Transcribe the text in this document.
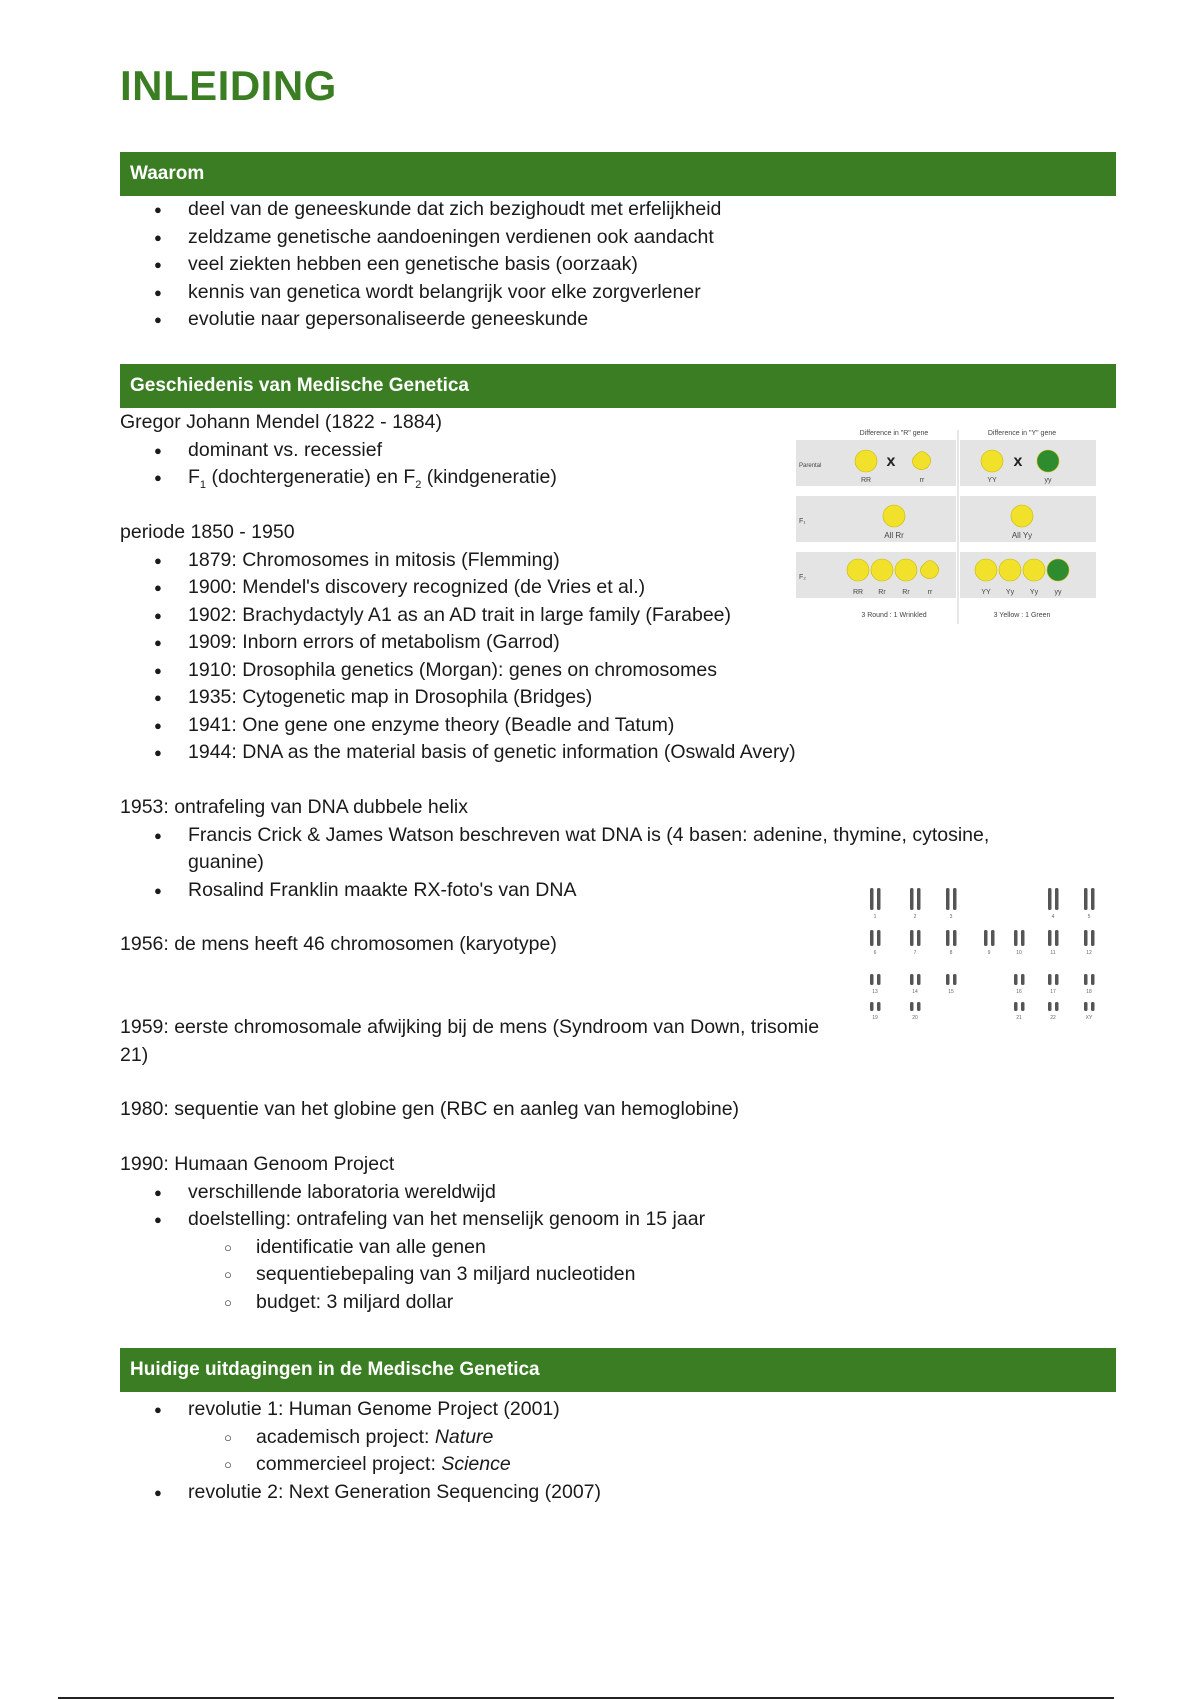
INLEIDING
Waarom
● deel van de geneeskunde dat zich bezighoudt met erfelijkheid
● zeldzame genetische aandoeningen verdienen ook aandacht
● veel ziekten hebben een genetische basis (oorzaak)
● kennis van genetica wordt belangrijk voor elke zorgverlener
● evolutie naar gepersonaliseerde geneeskunde
Geschiedenis van Medische Genetica
Gregor Johann Mendel (1822 - 1884)
● dominant vs. recessief
● $F_1$ (dochtergeneratie) en $F_2$ (kindgeneratie)
periode 1850 - 1950
● 1879: Chromosomes in mitosis (Flemming)
● 1900: Mendel's discovery recognized (de Vries et al.)
● 1902: Brachydactyly A1 as an AD trait in large family (Farabee)
● 1909: Inborn errors of metabolism (Garrod)
● 1910: Drosophila genetics (Morgan): genes on chromosomes
● 1935: Cytogenetic map in Drosophila (Bridges)
● 1941: One gene one enzyme theory (Beadle and Tatum)
● 1944: DNA as the material basis of genetic information (Oswald Avery)
1953: ontrafeling van DNA dubbele helix
● Francis Crick & James Watson beschreven wat DNA is (4 basen: adenine, thymine, cytosine, guanine)
● Rosalind Franklin maakte RX-foto's van DNA
1956: de mens heeft 46 chromosomen (karyotype)
1959: eerste chromosomale afwijking bij de mens (Syndroom van Down, trisomie 21)
1980: sequentie van het globine gen (RBC en aanleg van hemoglobine)
1990: Humaan Genoom Project
● verschillende laboratoria wereldwijd
● doelstelling: ontrafeling van het menselijk genoom in 15 jaar
○ identificatie van alle genen
○ sequentiebepaling van 3 miljard nucleotiden
○ budget: 3 miljard dollar
Huidige uitdagingen in de Medische Genetica
● revolutie 1: Human Genome Project (2001)
○ academisch project: Nature
○ commercieel project: Science
● revolutie 2: Next Generation Sequencing (2007)
Difference in "R" gene	Difference in "Y" gene
Parental
F₁
F₂
x
RR	rr
x
YY	yy
All Rr	All Yy
RR Rr Rr	rr	YY Yy Yy yy
3 Round : 1 Wrinkled	3 Yellow : 1 Green
1	2	3	4	5
6	7	8	9	10	11	12
13	14	15	16	17	18
19	20	21	22	XY
